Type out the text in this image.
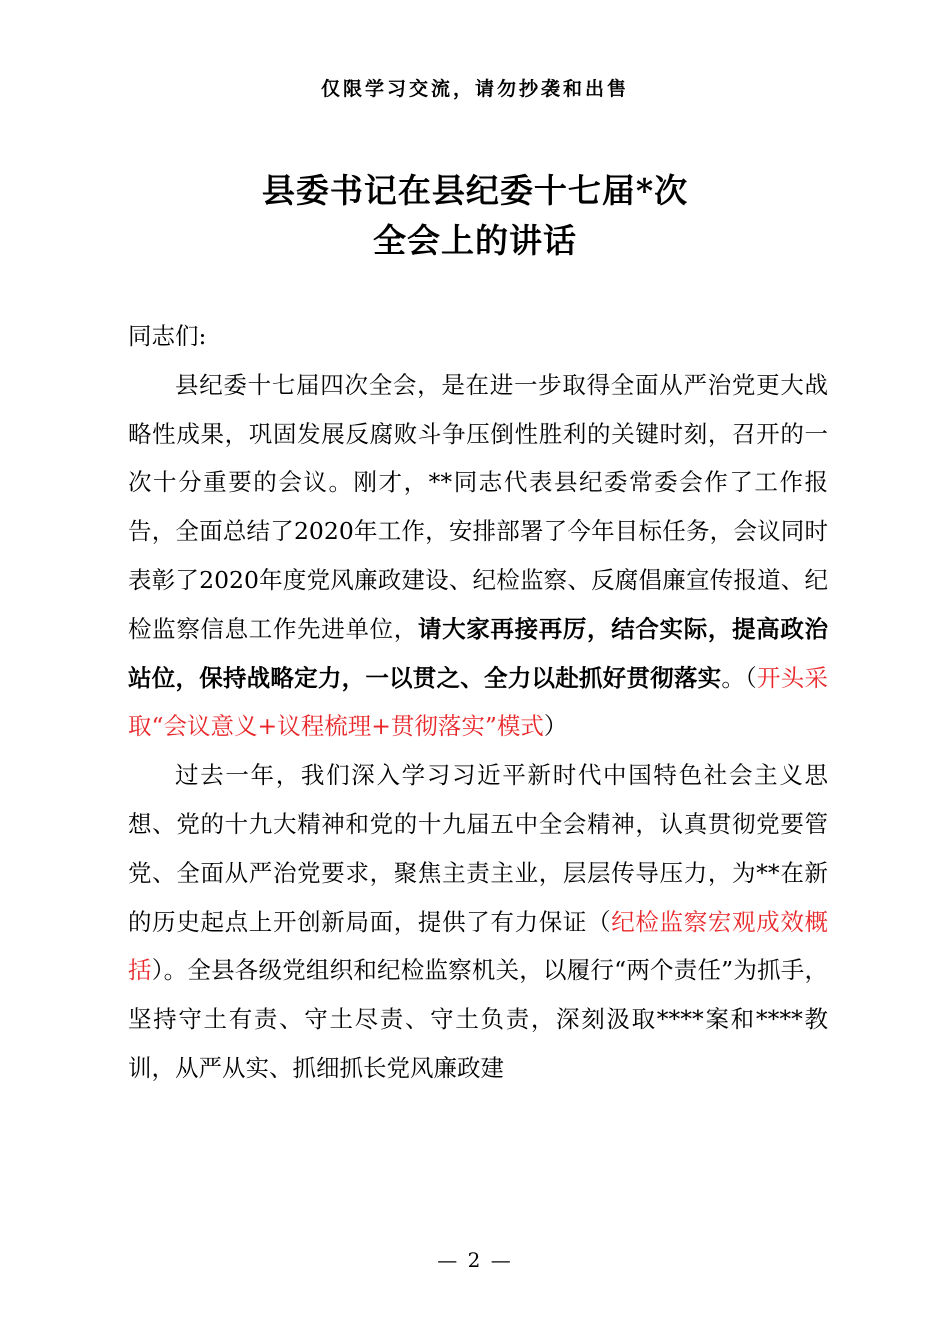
仅限学习交流，请勿抄袭和出售
县委书记在县纪委十七届*次
全会上的讲话

同志们:

县纪委十七届四次全会，是在进一步取得全面从严治党更大战略性成果，巩固发展反腐败斗争压倒性胜利的关键时刻，召开的一次十分重要的会议。刚才，**同志代表县纪委常委会作了工作报告，全面总结了2020年工作，安排部署了今年目标任务，会议同时表彰了2020年度党风廉政建设、纪检监察、反腐倡廉宣传报道、纪检监察信息工作先进单位，请大家再接再厉，结合实际，提高政治站位，保持战略定力，一以贯之、全力以赴抓好贯彻落实。（开头采取“会议意义+议程梳理+贯彻落实”模式）

过去一年，我们深入学习习近平新时代中国特色社会主义思想、党的十九大精神和党的十九届五中全会精神，认真贯彻党要管党、全面从严治党要求，聚焦主责主业，层层传导压力，为**在新的历史起点上开创新局面，提供了有力保证（纪检监察宏观成效概括）。全县各级党组织和纪检监察机关，以履行“两个责任”为抓手，坚持守土有责、守土尽责、守土负责，深刻汲取****案和****教训，从严从实、抓细抓长党风廉政建

— 2 —
